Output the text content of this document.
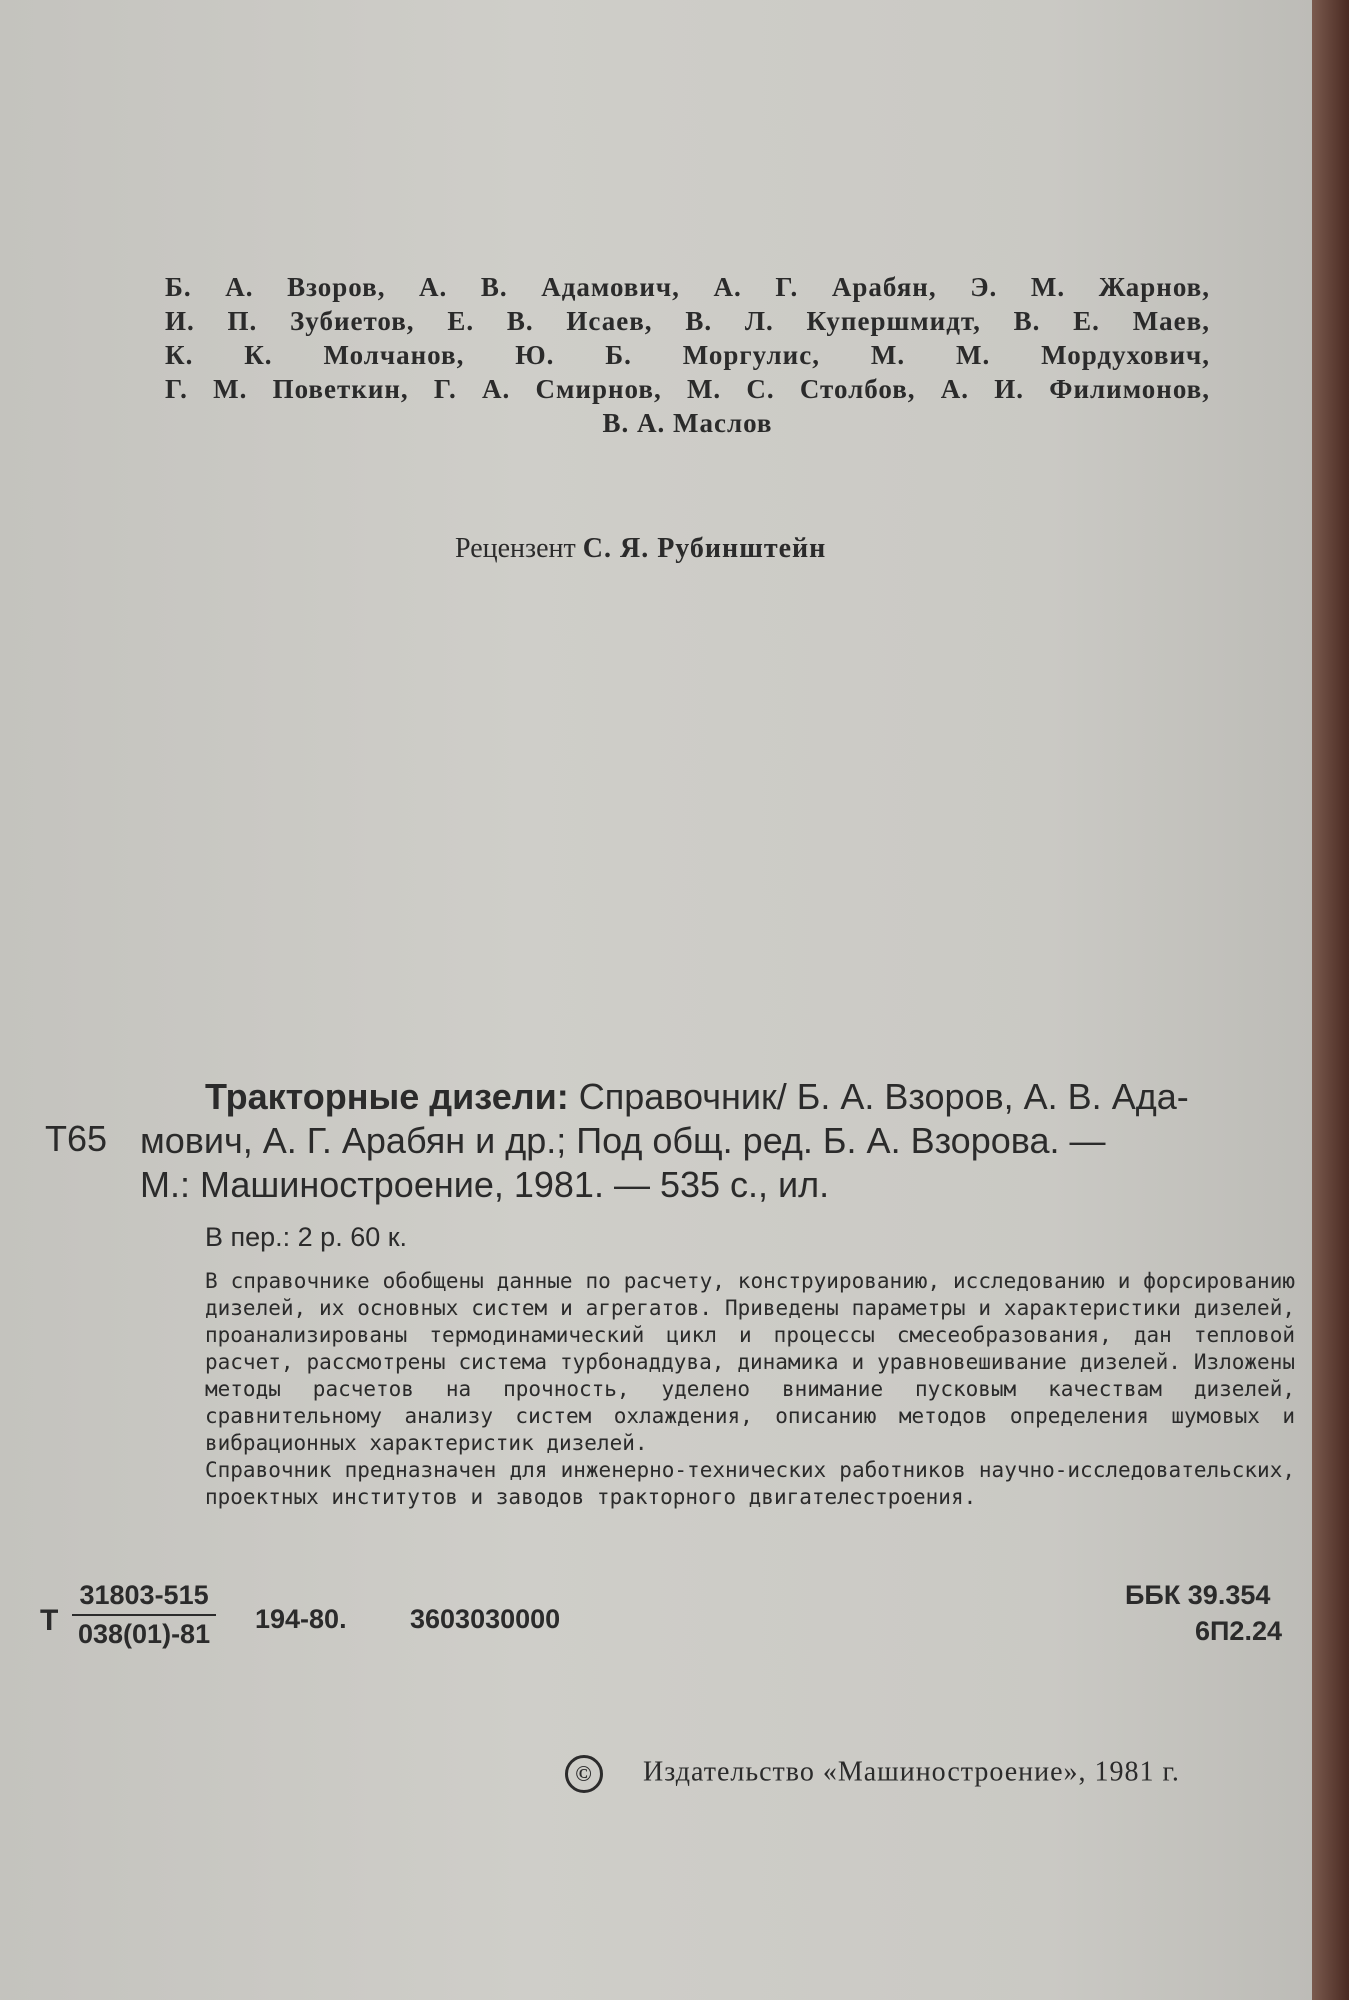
Б. А. Взоров, А. В. Адамович, А. Г. Арабян, Э. М. Жарнов,
И. П. Зубиетов, Е. В. Исаев, В. Л. Купершмидт, В. Е. Маев,
К. К. Молчанов, Ю. Б. Моргулис, М. М. Мордухович,
Г. М. Поветкин, Г. А. Смирнов, М. С. Столбов, А. И. Филимонов,
В. А. Маслов
Рецензент С. Я. Рубинштейн
Т65
Тракторные дизели: Справочник/ Б. А. Взоров, А. В. Ада-
мович, А. Г. Арабян и др.; Под общ. ред. Б. А. Взорова. —
М.: Машиностроение, 1981. — 535 с., ил.
В пер.: 2 р. 60 к.

В справочнике обобщены данные по расчету, конструированию, исследованию и форсированию дизелей, их основных систем и агрегатов. Приведены параметры и характеристики дизелей, проанализированы термодинамический цикл и процессы смесеобразования, дан тепловой расчет, рассмотрены система турбонаддува, динамика и уравновешивание дизелей. Изложены методы расчетов на прочность, уделено внимание пусковым качествам дизелей, сравнительному анализу систем охлаждения, описанию методов определения шумовых и вибрационных характеристик дизелей.

Справочник предназначен для инженерно-технических работников научно-исследовательских, проектных институтов и заводов тракторного двигателестроения.

Т $\frac{31803-515}{038(01)-81} 194-80$. 3603030000
ББК 39.354
6П2.24
© Издательство «Машиностроение», 1981 г.
